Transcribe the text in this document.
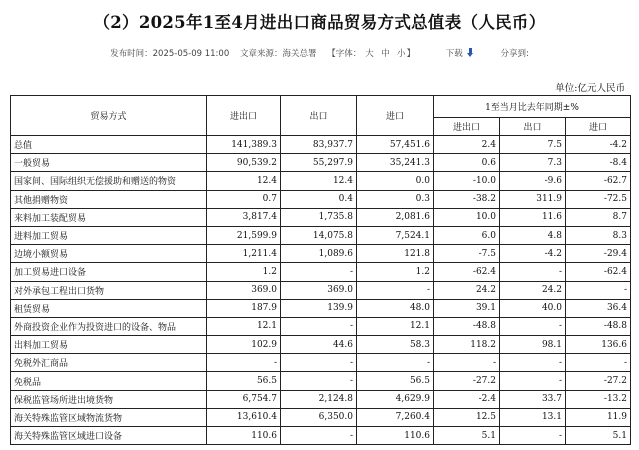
（2）2025年1至4月进出口商品贸易方式总值表（人民币）
发布时间：2025-05-09 11:00 文章来源：海关总署 【字体： 大 中 小】	下载	分享到:
单位:亿元人民币
贸易方式	进出口	出口	进口	1至当月比去年同期±%		
				进出口	出口	进口
总值	141,389.3	83,937.7	57,451.6	2.4	7.5	-4.2
一般贸易	90,539.2	55,297.9	35,241.3	0.6	7.3	-8.4
国家间、国际组织无偿援助和赠送的物资	12.4	12.4	0.0	-10.0	-9.6	-62.7
其他捐赠物资	0.7	0.4	0.3	-38.2	311.9	-72.5
来料加工装配贸易	3,817.4	1,735.8	2,081.6	10.0	11.6	8.7
进料加工贸易	21,599.9	14,075.8	7,524.1	6.0	4.8	8.3
边境小额贸易	1,211.4	1,089.6	121.8	-7.5	-4.2	-29.4
加工贸易进口设备	1.2	-	1.2	-62.4	-	-62.4
对外承包工程出口货物	369.0	369.0	-	24.2	24.2	-
租赁贸易	187.9	139.9	48.0	39.1	40.0	36.4
外商投资企业作为投资进口的设备、物品	12.1	-	12.1	-48.8	-	-48.8
出料加工贸易	102.9	44.6	58.3	118.2	98.1	136.6
免税外汇商品	-	-	-	-	-	-
免税品	56.5	-	56.5	-27.2	-	-27.2
保税监管场所进出境货物	6,754.7	2,124.8	4,629.9	-2.4	33.7	-13.2
海关特殊监管区域物流货物	13,610.4	6,350.0	7,260.4	12.5	13.1	11.9
海关特殊监管区域进口设备	110.6	-	110.6	5.1	-	5.1
